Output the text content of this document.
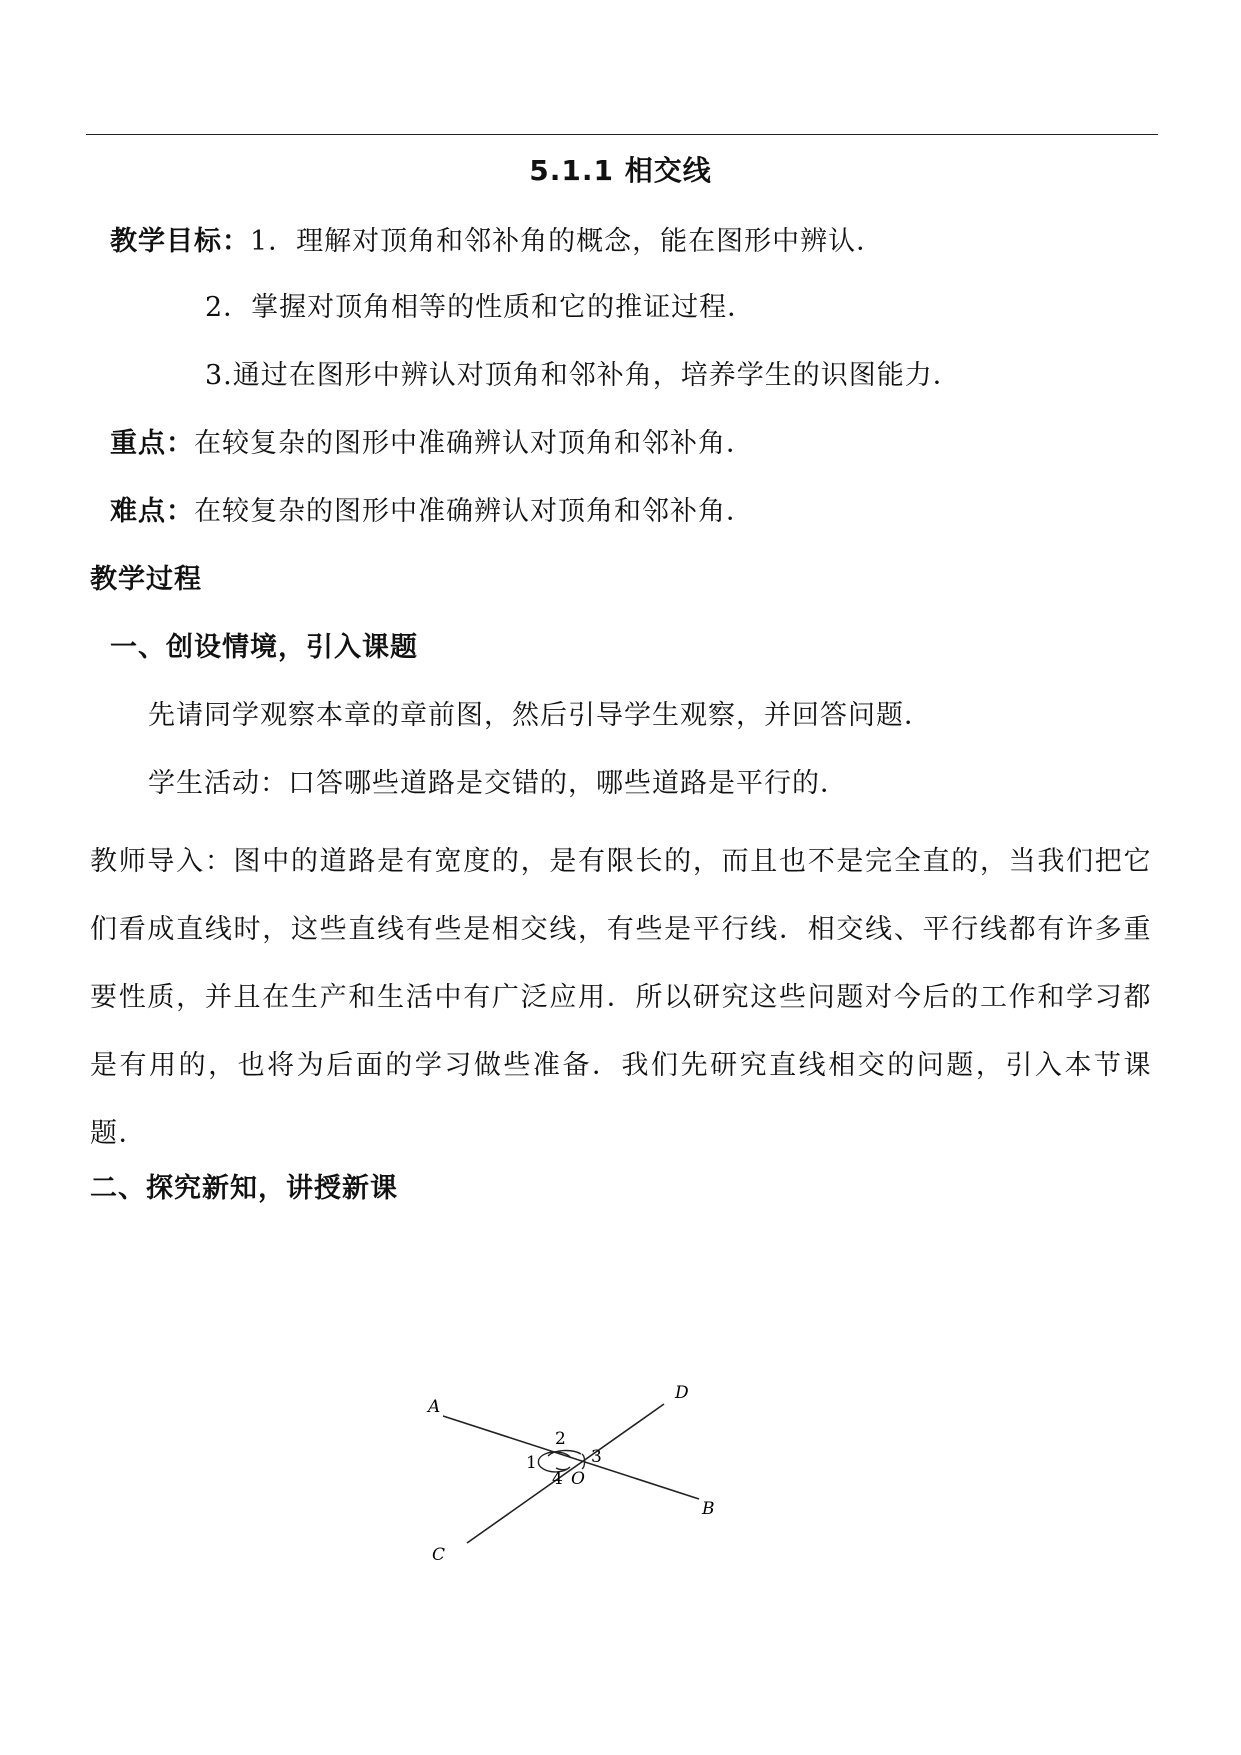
5.1.1 相交线
教学目标：1．理解对顶角和邻补角的概念，能在图形中辨认．
2．掌握对顶角相等的性质和它的推证过程．
3.通过在图形中辨认对顶角和邻补角，培养学生的识图能力．
重点：在较复杂的图形中准确辨认对顶角和邻补角．
难点：在较复杂的图形中准确辨认对顶角和邻补角．
教学过程
一、创设情境，引入课题
先请同学观察本章的章前图，然后引导学生观察，并回答问题．
学生活动：口答哪些道路是交错的，哪些道路是平行的．
教师导入：图中的道路是有宽度的，是有限长的，而且也不是完全直的，当我们把它们看成直线时，这些直线有些是相交线，有些是平行线．相交线、平行线都有许多重要性质，并且在生产和生活中有广泛应用．所以研究这些问题对今后的工作和学习都是有用的，也将为后面的学习做些准备．我们先研究直线相交的问题，引入本节课题．
二、探究新知，讲授新课
A
B
C
D
O
1
2
3
4
